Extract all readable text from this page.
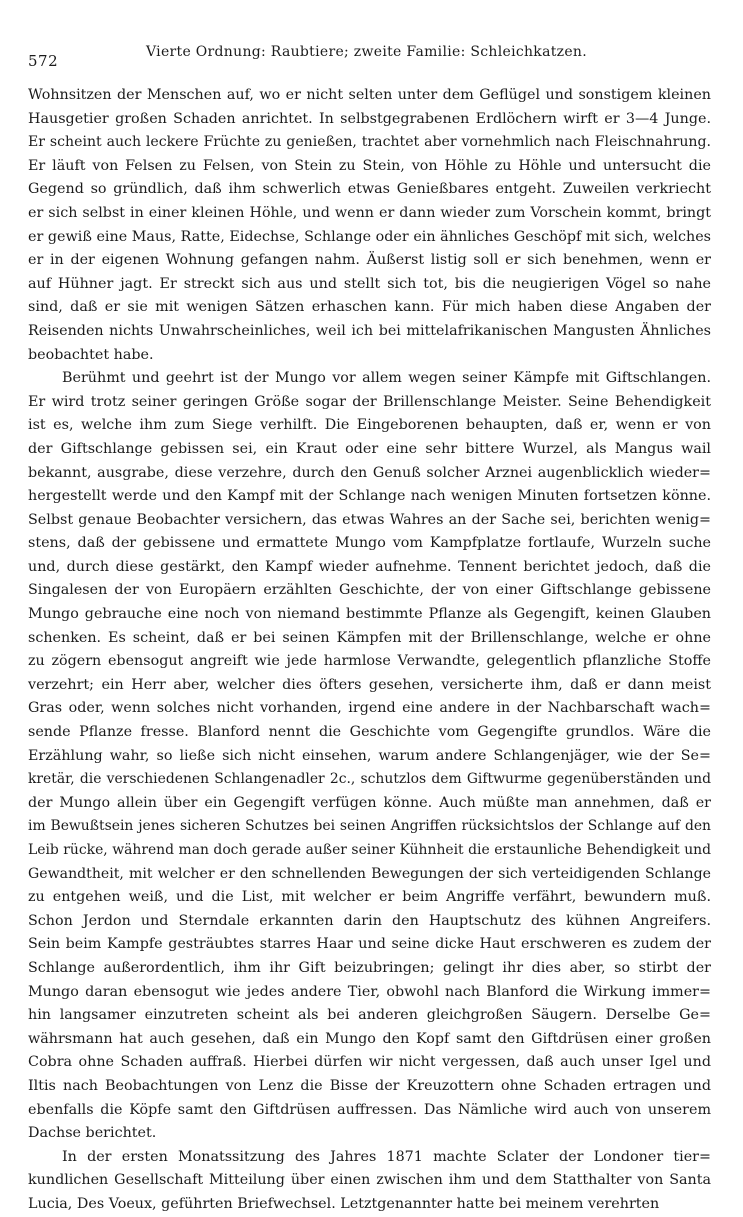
572	Vierte Ordnung: Raubtiere; zweite Familie: Schleichkatzen.
Wohnsitzen der Menschen auf, wo er nicht selten unter dem Geflügel und sonstigem kleinen
Hausgetier großen Schaden anrichtet. In selbstgegrabenen Erdlöchern wirft er 3—4 Junge.
Er scheint auch leckere Früchte zu genießen, trachtet aber vornehmlich nach Fleischnahrung.
Er läuft von Felsen zu Felsen, von Stein zu Stein, von Höhle zu Höhle und untersucht die
Gegend so gründlich, daß ihm schwerlich etwas Genießbares entgeht. Zuweilen verkriecht
er sich selbst in einer kleinen Höhle, und wenn er dann wieder zum Vorschein kommt, bringt
er gewiß eine Maus, Ratte, Eidechse, Schlange oder ein ähnliches Geschöpf mit sich, welches
er in der eigenen Wohnung gefangen nahm. Äußerst listig soll er sich benehmen, wenn er
auf Hühner jagt. Er streckt sich aus und stellt sich tot, bis die neugierigen Vögel so nahe
sind, daß er sie mit wenigen Sätzen erhaschen kann. Für mich haben diese Angaben der
Reisenden nichts Unwahrscheinliches, weil ich bei mittelafrikanischen Mangusten Ähnliches
beobachtet habe.
Berühmt und geehrt ist der Mungo vor allem wegen seiner Kämpfe mit Giftschlangen.
Er wird trotz seiner geringen Größe sogar der Brillenschlange Meister. Seine Behendigkeit
ist es, welche ihm zum Siege verhilft. Die Eingeborenen behaupten, daß er, wenn er von
der Giftschlange gebissen sei, ein Kraut oder eine sehr bittere Wurzel, als Mangus wail
bekannt, ausgrabe, diese verzehre, durch den Genuß solcher Arznei augenblicklich wieder=
hergestellt werde und den Kampf mit der Schlange nach wenigen Minuten fortsetzen könne.
Selbst genaue Beobachter versichern, das etwas Wahres an der Sache sei, berichten wenig=
stens, daß der gebissene und ermattete Mungo vom Kampfplatze fortlaufe, Wurzeln suche
und, durch diese gestärkt, den Kampf wieder aufnehme. Tennent berichtet jedoch, daß die
Singalesen der von Europäern erzählten Geschichte, der von einer Giftschlange gebissene
Mungo gebrauche eine noch von niemand bestimmte Pflanze als Gegengift, keinen Glauben
schenken. Es scheint, daß er bei seinen Kämpfen mit der Brillenschlange, welche er ohne
zu zögern ebensogut angreift wie jede harmlose Verwandte, gelegentlich pflanzliche Stoffe
verzehrt; ein Herr aber, welcher dies öfters gesehen, versicherte ihm, daß er dann meist
Gras oder, wenn solches nicht vorhanden, irgend eine andere in der Nachbarschaft wach=
sende Pflanze fresse. Blanford nennt die Geschichte vom Gegengifte grundlos. Wäre die
Erzählung wahr, so ließe sich nicht einsehen, warum andere Schlangenjäger, wie der Se=
kretär, die verschiedenen Schlangenadler 2c., schutzlos dem Giftwurme gegenüberständen und
der Mungo allein über ein Gegengift verfügen könne. Auch müßte man annehmen, daß er
im Bewußtsein jenes sicheren Schutzes bei seinen Angriffen rücksichtslos der Schlange auf den
Leib rücke, während man doch gerade außer seiner Kühnheit die erstaunliche Behendigkeit und
Gewandtheit, mit welcher er den schnellenden Bewegungen der sich verteidigenden Schlange
zu entgehen weiß, und die List, mit welcher er beim Angriffe verfährt, bewundern muß.
Schon Jerdon und Sterndale erkannten darin den Hauptschutz des kühnen Angreifers.
Sein beim Kampfe gesträubtes starres Haar und seine dicke Haut erschweren es zudem der
Schlange außerordentlich, ihm ihr Gift beizubringen; gelingt ihr dies aber, so stirbt der
Mungo daran ebensogut wie jedes andere Tier, obwohl nach Blanford die Wirkung immer=
hin langsamer einzutreten scheint als bei anderen gleichgroßen Säugern. Derselbe Ge=
währsmann hat auch gesehen, daß ein Mungo den Kopf samt den Giftdrüsen einer großen
Cobra ohne Schaden auffraß. Hierbei dürfen wir nicht vergessen, daß auch unser Igel und
Iltis nach Beobachtungen von Lenz die Bisse der Kreuzottern ohne Schaden ertragen und
ebenfalls die Köpfe samt den Giftdrüsen auffressen. Das Nämliche wird auch von unserem
Dachse berichtet.
In der ersten Monatssitzung des Jahres 1871 machte Sclater der Londoner tier=
kundlichen Gesellschaft Mitteilung über einen zwischen ihm und dem Statthalter von Santa
Lucia, Des Voeux, geführten Briefwechsel. Letztgenannter hatte bei meinem verehrten
